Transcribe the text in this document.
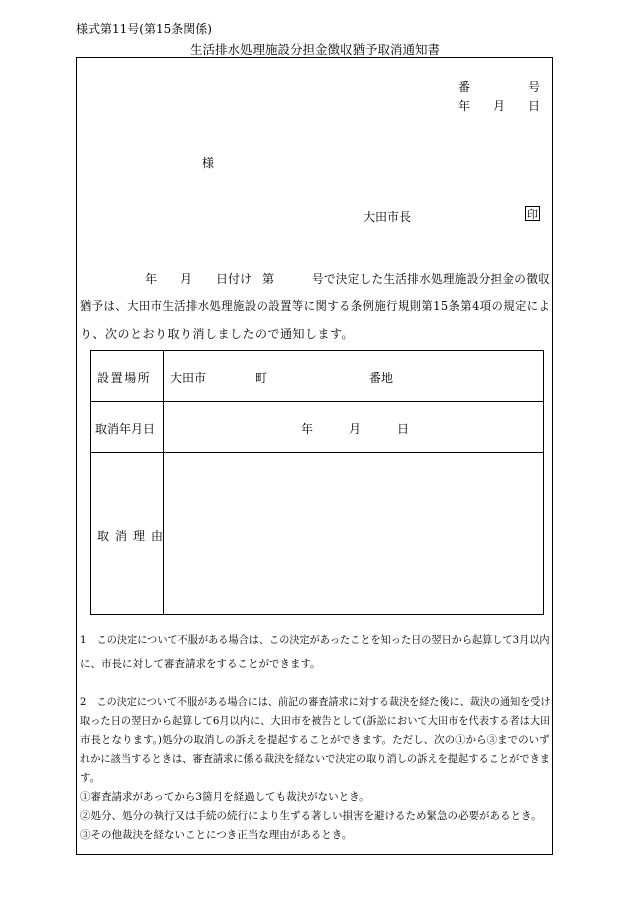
様式第11号(第15条関係)
生活排水処理施設分担金徴収猶予取消通知書
番	号
年 月 日
様
大田市長	印
年 月 日付け 第	号で決定した生活排水処理施設分担金の徴収
猶予は、大田市生活排水処理施設の設置等に関する条例施行規則第15条第4項の規定によ
り、次のとおり取り消しましたので通知します。
設置場所 大田市	町	番地
取消年月日	年	月	日
取消理由
1　この決定について不服がある場合は、この決定があったことを知った日の翌日から起算して3月以内
に、市長に対して審査請求をすることができます。
2　この決定について不服がある場合には、前記の審査請求に対する裁決を経た後に、裁決の通知を受け
取った日の翌日から起算して6月以内に、大田市を被告として(訴訟において大田市を代表する者は大田
市長となります。)処分の取消しの訴えを提起することができます。ただし、次の①から③までのいず
れかに該当するときは、審査請求に係る裁決を経ないで決定の取り消しの訴えを提起することができま
す。
①審査請求があってから3箇月を経過しても裁決がないとき。
②処分、処分の執行又は手続の続行により生ずる著しい損害を避けるため緊急の必要があるとき。
③その他裁決を経ないことにつき正当な理由があるとき。
